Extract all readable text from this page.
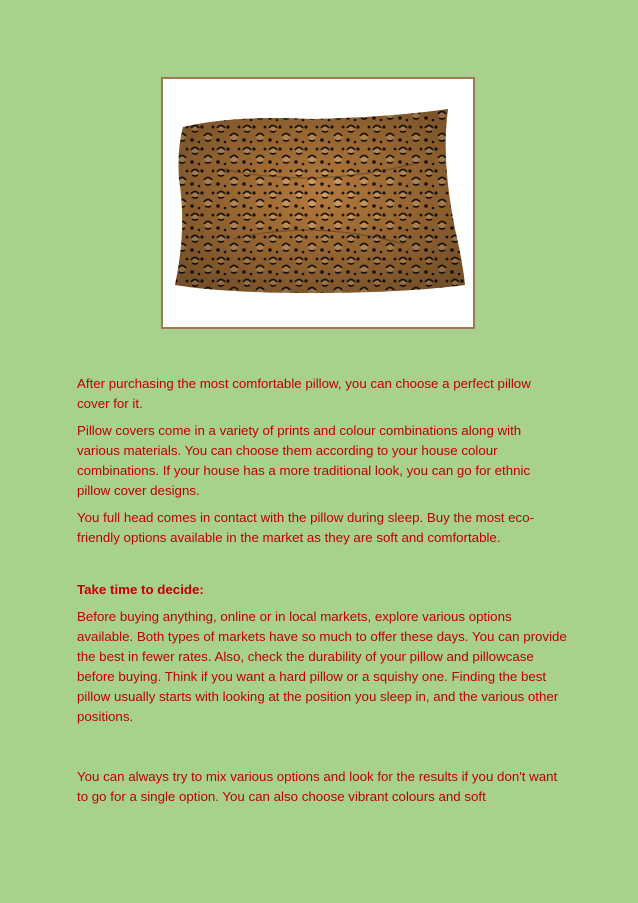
After purchasing the most comfortable pillow, you can choose a perfect pillow cover for it.

Pillow covers come in a variety of prints and colour combinations along with various materials. You can choose them according to your house colour combinations. If your house has a more traditional look, you can go for ethnic pillow cover designs.

You full head comes in contact with the pillow during sleep. Buy the most eco-friendly options available in the market as they are soft and comfortable.

Take time to decide:

Before buying anything, online or in local markets, explore various options available. Both types of markets have so much to offer these days. You can provide the best in fewer rates. Also, check the durability of your pillow and pillowcase before buying. Think if you want a hard pillow or a squishy one. Finding the best pillow usually starts with looking at the position you sleep in, and the various other positions.

You can always try to mix various options and look for the results if you don't want to go for a single option. You can also choose vibrant colours and soft
